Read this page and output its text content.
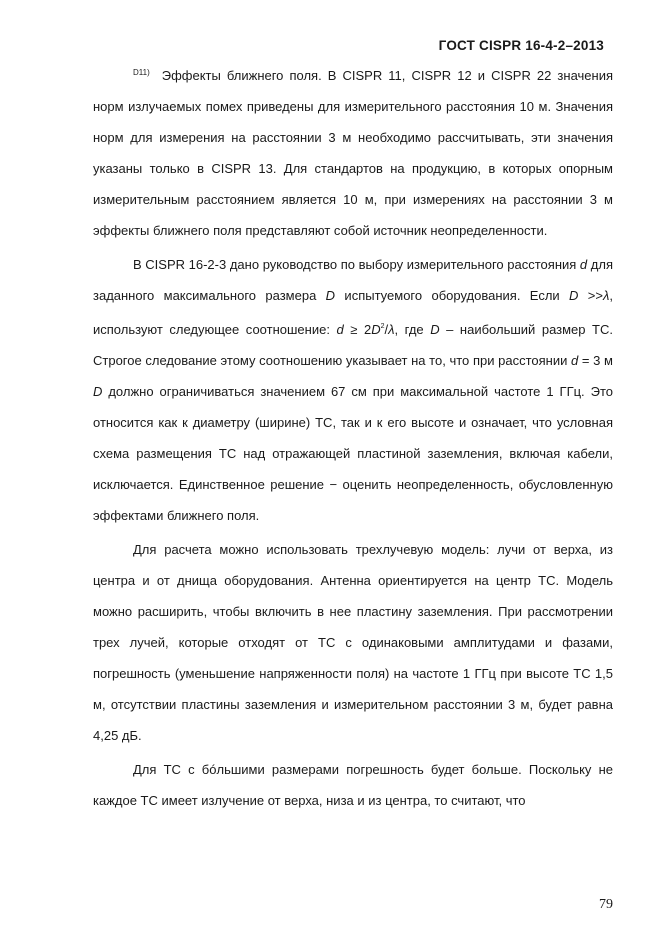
ГОСТ CISPR 16-4-2–2013

$^{D11)}$ Эффекты ближнего поля. В CISPR 11, CISPR 12 и CISPR 22 значения норм излучаемых помех приведены для измерительного расстояния 10 м. Значения норм для измерения на расстоянии 3 м необходимо рассчитывать, эти значения указаны только в CISPR 13. Для стандартов на продукцию, в которых опорным измерительным расстоянием является 10 м, при измерениях на расстоянии 3 м эффекты ближнего поля представляют собой источник неопределенности.

В CISPR 16-2-3 дано руководство по выбору измерительного расстояния d для заданного максимального размера D испытуемого оборудования. Если D >>λ, используют следующее соотношение: $d \ge 2D^2/\lambda$, где D – наибольший размер ТС. Строгое следование этому соотношению указывает на то, что при расстоянии d = 3 м D должно ограничиваться значением 67 см при максимальной частоте 1 ГГц. Это относится как к диаметру (ширине) ТС, так и к его высоте и означает, что условная схема размещения ТС над отражающей пластиной заземления, включая кабели, исключается. Единственное решение − оценить неопределенность, обусловленную эффектами ближнего поля.

Для расчета можно использовать трехлучевую модель: лучи от верха, из центра и от днища оборудования. Антенна ориентируется на центр ТС. Модель можно расширить, чтобы включить в нее пластину заземления. При рассмотрении трех лучей, которые отходят от ТС с одинаковыми амплитудами и фазами, погрешность (уменьшение напряженности поля) на частоте 1 ГГц при высоте ТС 1,5 м, отсутствии пластины заземления и измерительном расстоянии 3 м, будет равна 4,25 дБ.

Для ТС с бóльшими размерами погрешность будет больше. Поскольку не каждое ТС имеет излучение от верха, низа и из центра, то считают, что

79
